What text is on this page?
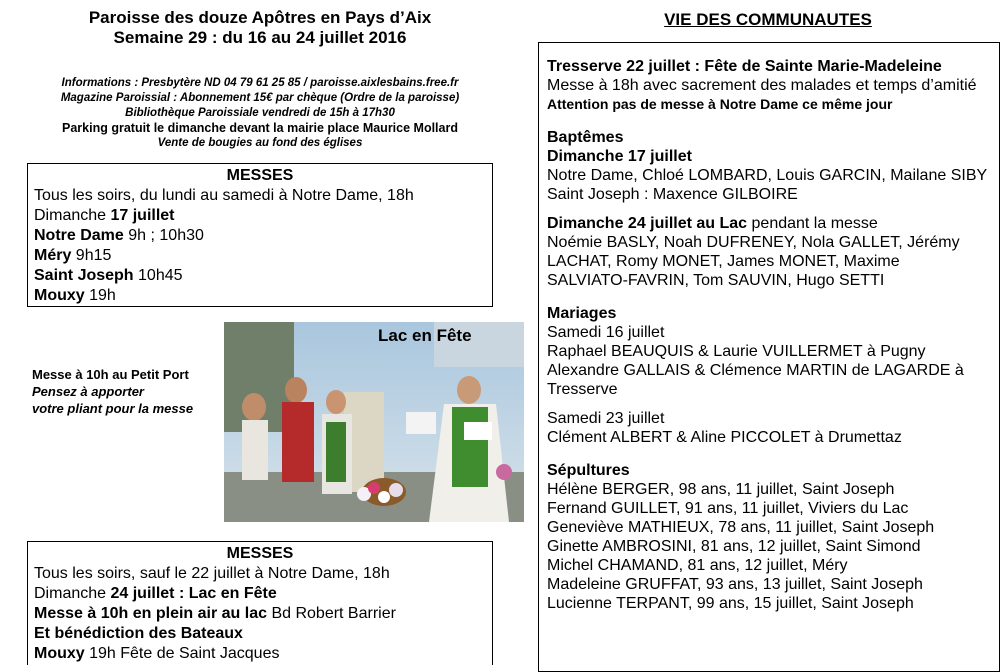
Paroisse des douze Apôtres en Pays d’Aix
Semaine 29 : du 16 au 24 juillet 2016
Informations : Presbytère ND 04 79 61 25 85 / paroisse.aixlesbains.free.fr
Magazine Paroissial : Abonnement 15€ par chèque (Ordre de la paroisse)
Bibliothèque Paroissiale vendredi de 15h à 17h30
Parking gratuit le dimanche devant la mairie place Maurice Mollard
Vente de bougies au fond des églises
MESSES
Tous les soirs, du lundi au samedi à Notre Dame, 18h
Dimanche 17 juillet
Notre Dame 9h ; 10h30
Méry 9h15
Saint Joseph 10h45
Mouxy 19h
Messe à 10h au Petit Port
Pensez à apporter
votre pliant pour la messe
Lac en Fête
MESSES
Tous les soirs, sauf le 22 juillet à Notre Dame, 18h
Dimanche 24 juillet : Lac en Fête
Messe à 10h en plein air au lac Bd Robert Barrier
Et bénédiction des Bateaux
Mouxy 19h Fête de Saint Jacques
VIE DES COMMUNAUTES
Tresserve 22 juillet : Fête de Sainte Marie-Madeleine
Messe à 18h avec sacrement des malades et temps d’amitié
Attention pas de messe à Notre Dame ce même jour
Baptêmes
Dimanche 17 juillet
Notre Dame, Chloé LOMBARD, Louis GARCIN, Mailane SIBY
Saint Joseph : Maxence GILBOIRE
Dimanche 24 juillet au Lac pendant la messe
Noémie BASLY, Noah DUFRENEY, Nola GALLET, Jérémy
LACHAT, Romy MONET, James MONET, Maxime
SALVIATO-FAVRIN, Tom SAUVIN, Hugo SETTI
Mariages
Samedi 16 juillet
Raphael BEAUQUIS & Laurie VUILLERMET à Pugny
Alexandre GALLAIS & Clémence MARTIN de LAGARDE à
Tresserve
Samedi 23 juillet
Clément ALBERT & Aline PICCOLET à Drumettaz
Sépultures
Hélène BERGER, 98 ans, 11 juillet, Saint Joseph
Fernand GUILLET, 91 ans, 11 juillet, Viviers du Lac
Geneviève MATHIEUX, 78 ans, 11 juillet, Saint Joseph
Ginette AMBROSINI, 81 ans, 12 juillet, Saint Simond
Michel CHAMAND, 81 ans, 12 juillet, Méry
Madeleine GRUFFAT, 93 ans, 13 juillet, Saint Joseph
Lucienne TERPANT, 99 ans, 15 juillet, Saint Joseph
